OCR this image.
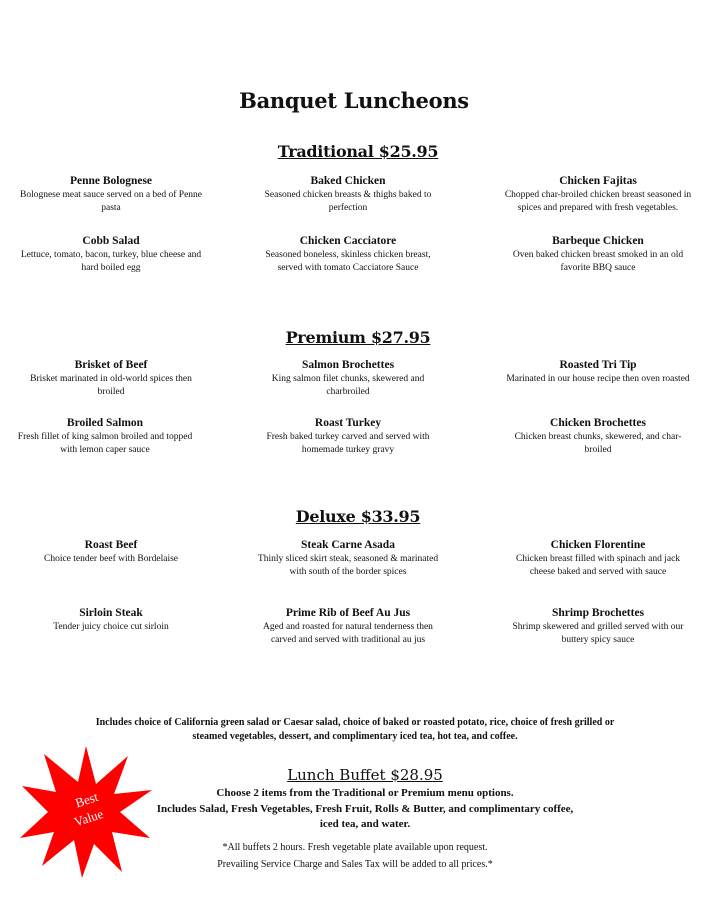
Banquet Luncheons
Traditional $25.95
Penne Bolognese
Bolognese meat sauce served on a bed of Penne pasta
Baked Chicken
Seasoned chicken breasts & thighs baked to perfection
Chicken Fajitas
Chopped char-broiled chicken breast seasoned in spices and prepared with fresh vegetables.
Cobb Salad
Lettuce, tomato, bacon, turkey, blue cheese and hard boiled egg
Chicken Cacciatore
Seasoned boneless, skinless chicken breast, served with tomato Cacciatore Sauce
Barbeque Chicken
Oven baked chicken breast smoked in an old favorite BBQ sauce
Premium $27.95
Brisket of Beef
Brisket marinated in old-world spices then broiled
Salmon Brochettes
King salmon filet chunks, skewered and charbroiled
Roasted Tri Tip
Marinated in our house recipe then oven roasted
Broiled Salmon
Fresh fillet of king salmon broiled and topped with lemon caper sauce
Roast Turkey
Fresh baked turkey carved and served with homemade turkey gravy
Chicken Brochettes
Chicken breast chunks, skewered, and char-broiled
Deluxe $33.95
Roast Beef
Choice tender beef with Bordelaise
Steak Carne Asada
Thinly sliced skirt steak, seasoned & marinated with south of the border spices
Chicken Florentine
Chicken breast filled with spinach and jack cheese baked and served with sauce
Sirloin Steak
Tender juicy choice cut sirloin
Prime Rib of Beef Au Jus
Aged and roasted for natural tenderness then carved and served with traditional au jus
Shrimp Brochettes
Shrimp skewered and grilled served with our buttery spicy sauce
Includes choice of California green salad or Caesar salad, choice of baked or roasted potato, rice, choice of fresh grilled or steamed vegetables, dessert, and complimentary iced tea, hot tea, and coffee.
Best
Value
Lunch Buffet $28.95
Choose 2 items from the Traditional or Premium menu options.
Includes Salad, Fresh Vegetables, Fresh Fruit, Rolls & Butter, and complimentary coffee, iced tea, and water.
*All buffets 2 hours. Fresh vegetable plate available upon request.
Prevailing Service Charge and Sales Tax will be added to all prices.*
